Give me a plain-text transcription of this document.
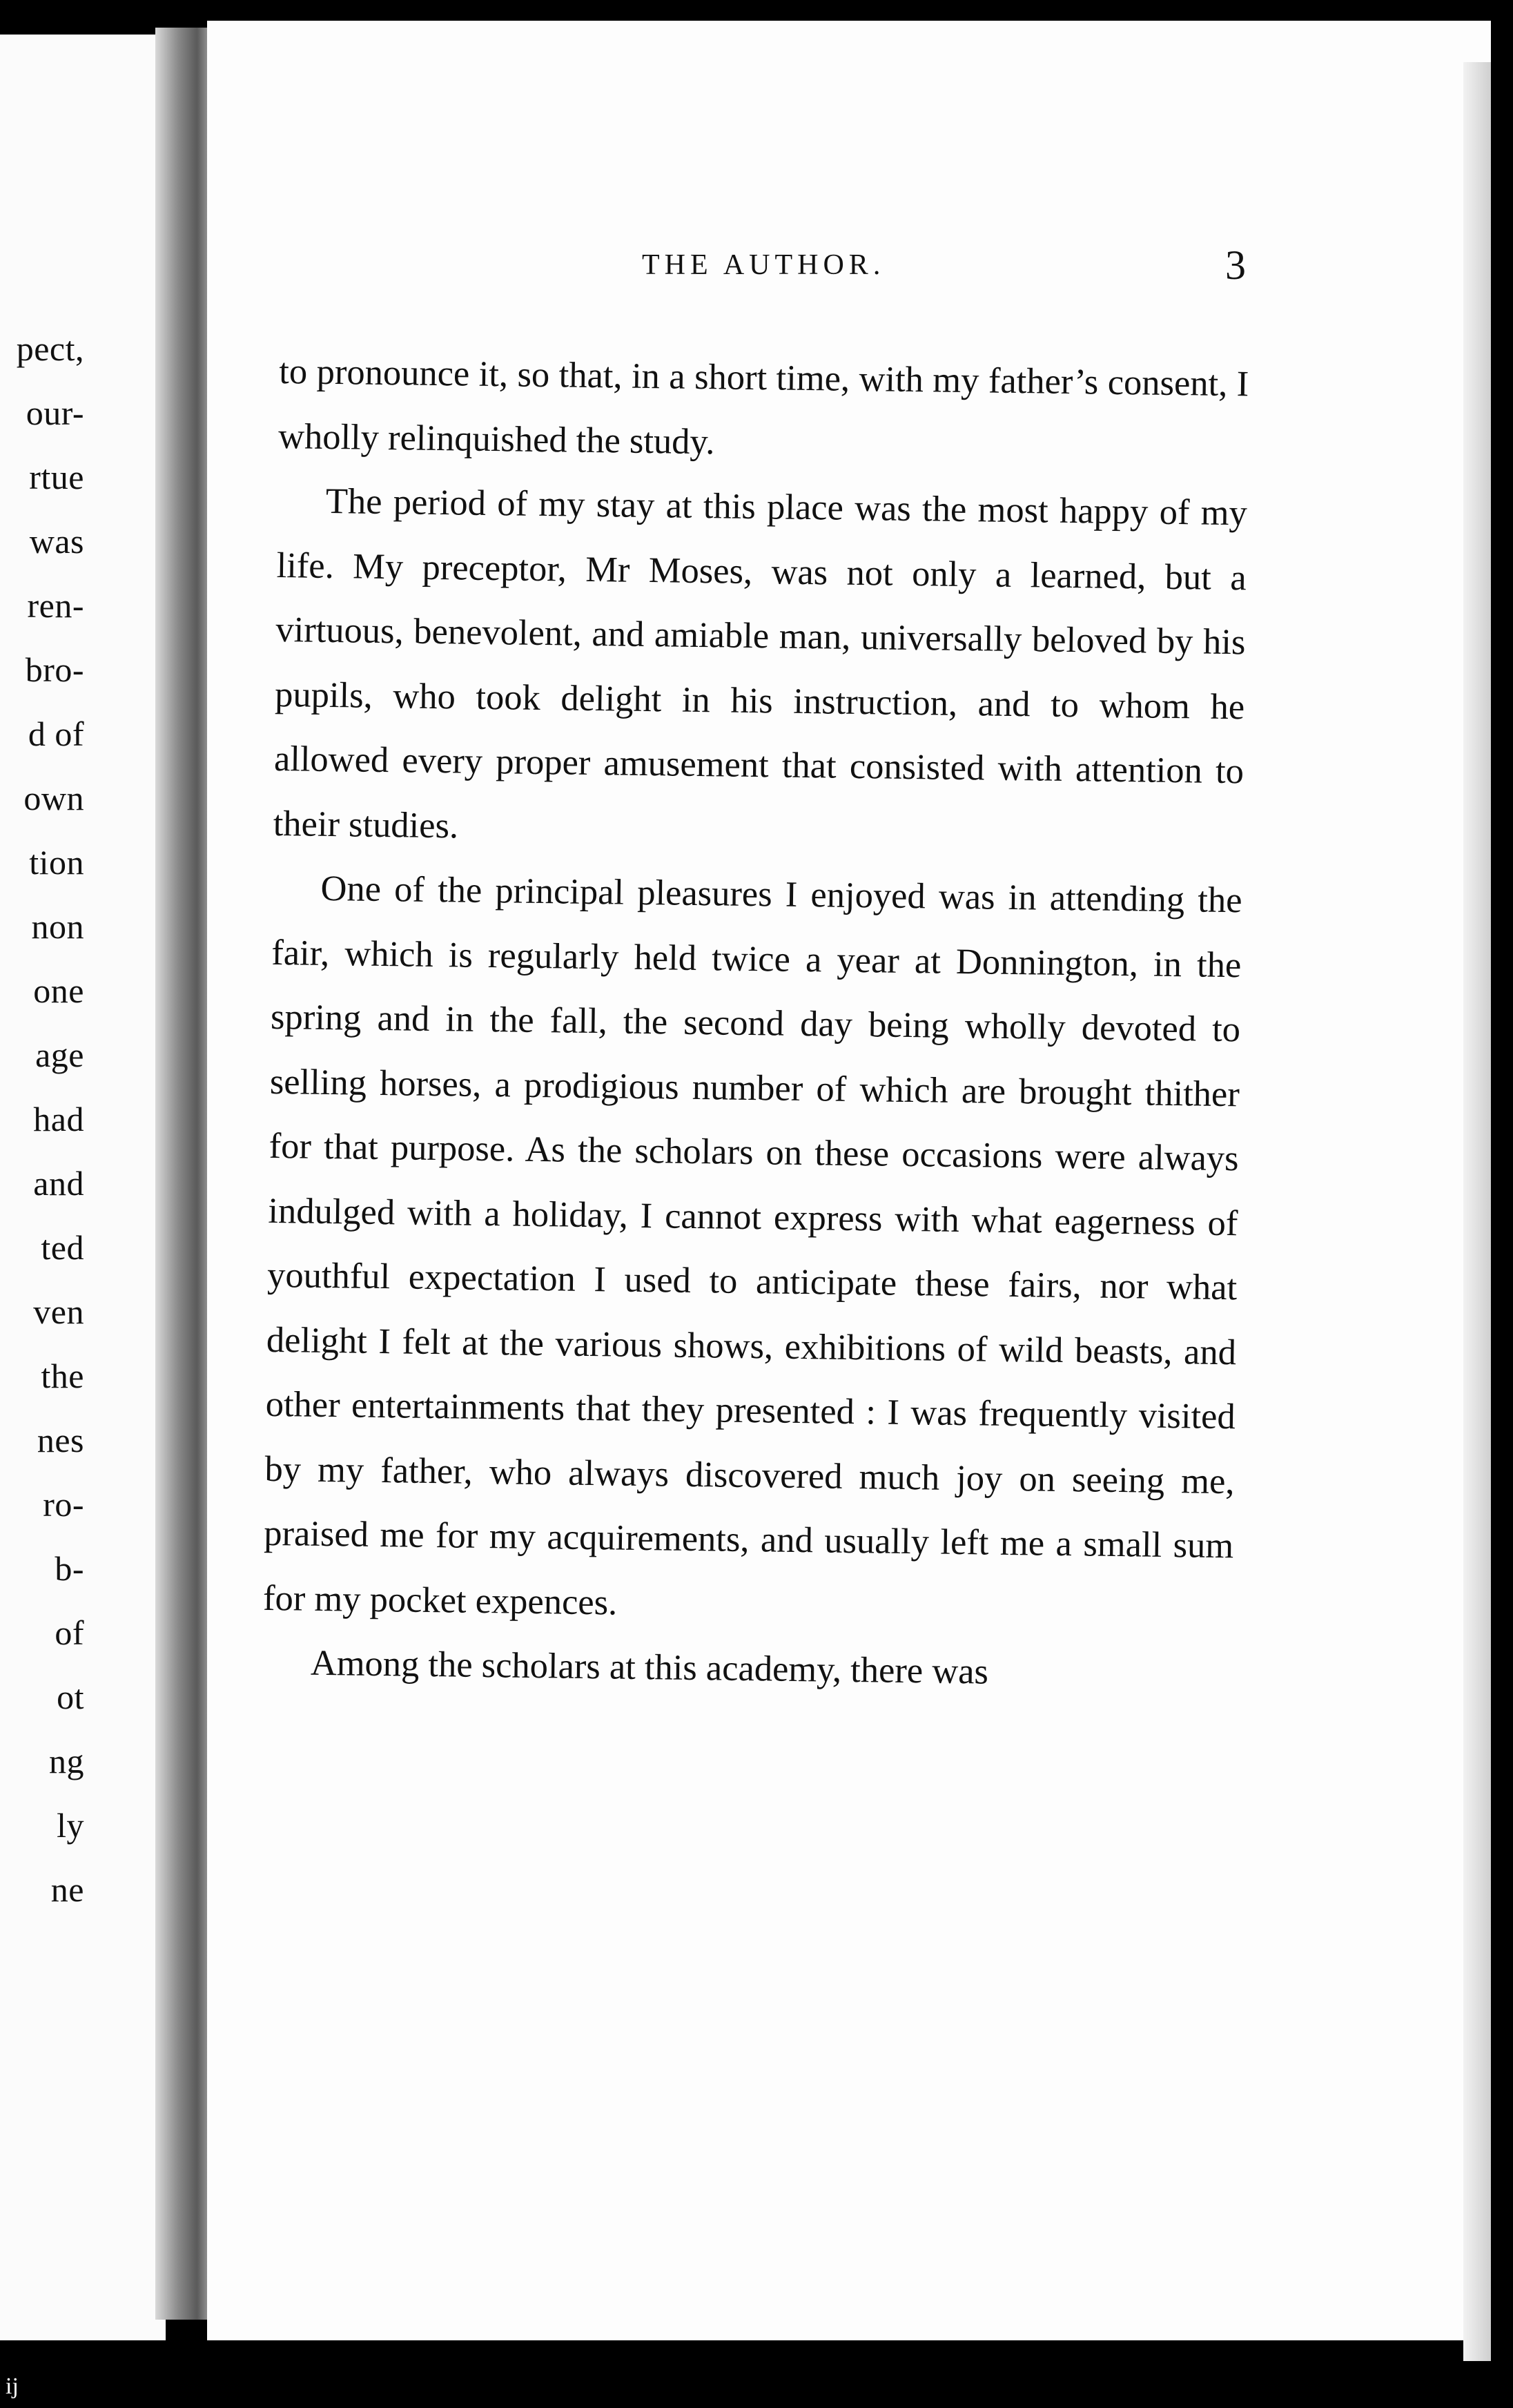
pect,
our-
rtue
was
ren-
bro-
d of
own
tion
non
one
age
had
and
ted
ven
the
nes
ro-
b-
of
ot
ng
ly
ne
THE AUTHOR.	3

to pronounce it, so that, in a short time, with my father’s consent, I wholly relinquished the study.

The period of my stay at this place was the most happy of my life. My preceptor, Mr Moses, was not only a learned, but a virtuous, benevolent, and amiable man, universally beloved by his pupils, who took delight in his instruction, and to whom he allowed every proper amusement that consisted with attention to their studies.

One of the principal pleasures I enjoyed was in attending the fair, which is regularly held twice a year at Donnington, in the spring and in the fall, the second day being wholly devoted to selling horses, a prodigious number of which are brought thither for that purpose. As the scholars on these occasions were always indulged with a holiday, I cannot express with what eagerness of youthful expectation I used to anticipate these fairs, nor what delight I felt at the various shows, exhibitions of wild beasts, and other entertainments that they presented : I was frequently visited by my father, who always discovered much joy on seeing me, praised me for my acquirements, and usually left me a small sum for my pocket expences.

Among the scholars at this academy, there was

ij
